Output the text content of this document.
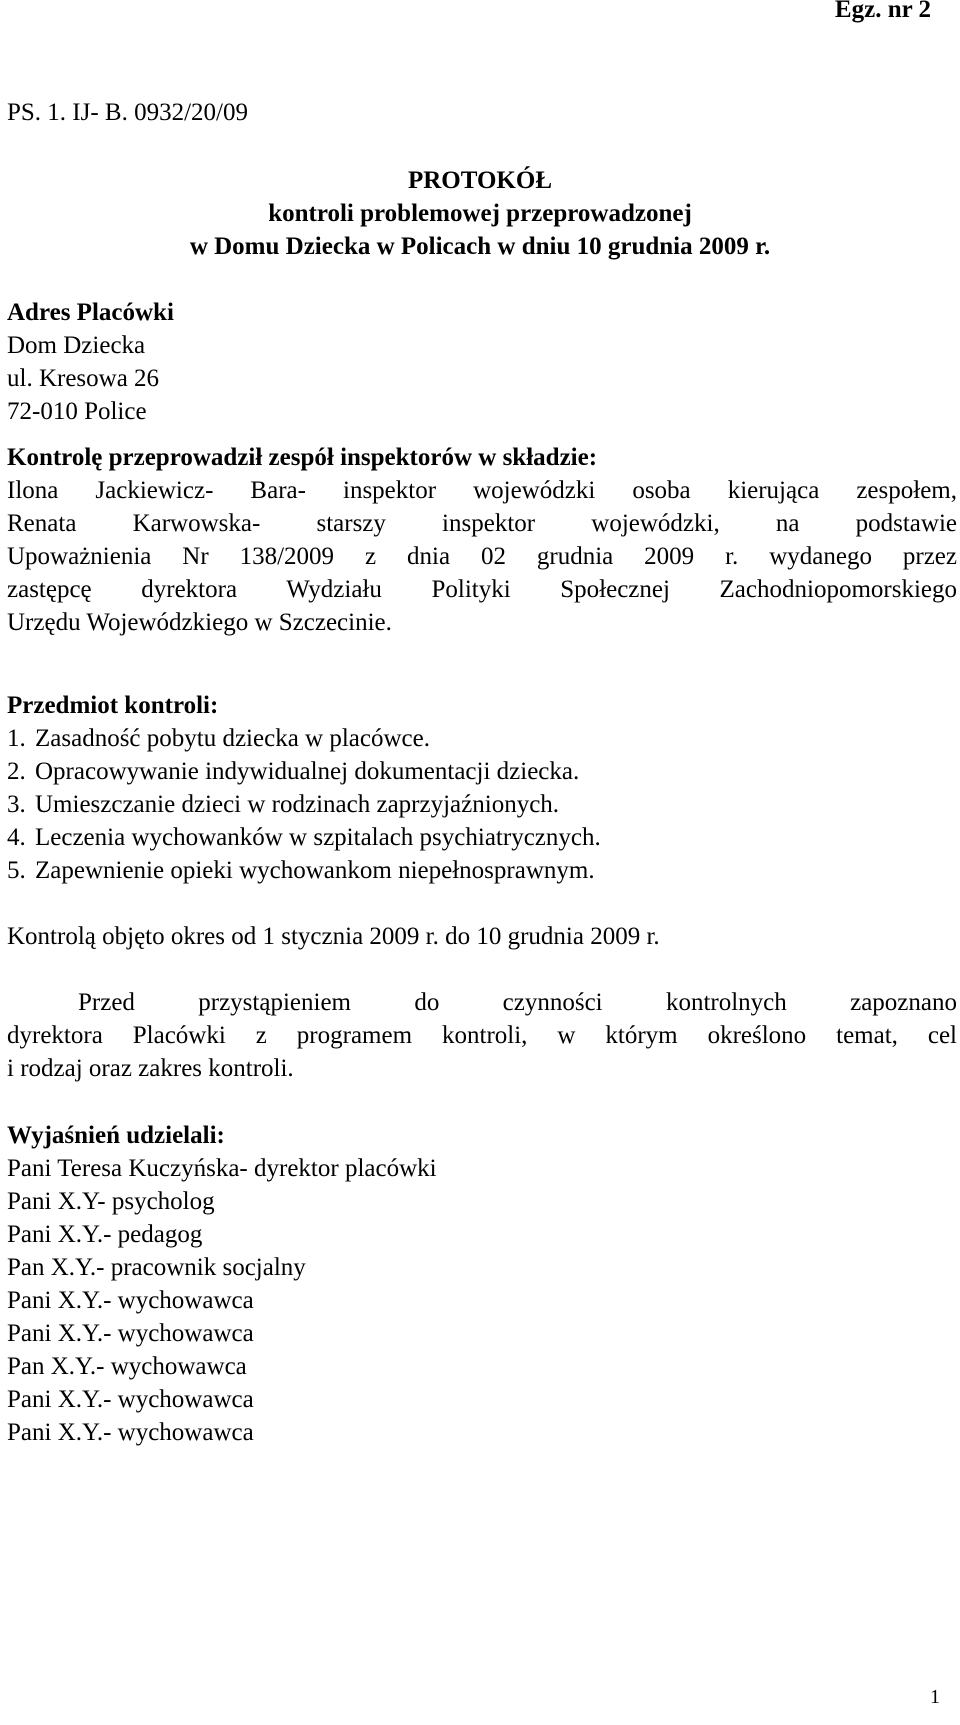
Egz. nr 2
PS. 1. IJ- B. 0932/20/09
PROTOKÓŁ
kontroli problemowej przeprowadzonej
w Domu Dziecka w Policach w dniu 10 grudnia 2009 r.
Adres Placówki
Dom Dziecka
ul. Kresowa 26
72-010 Police
Kontrolę przeprowadził zespół inspektorów w składzie:
Ilona Jackiewicz- Bara- inspektor wojewódzki osoba kierująca zespołem,
Renata Karwowska- starszy inspektor wojewódzki, na podstawie
Upoważnienia Nr 138/2009 z dnia 02 grudnia 2009 r. wydanego przez
zastępcę dyrektora Wydziału Polityki Społecznej Zachodniopomorskiego
Urzędu Wojewódzkiego w Szczecinie.
Przedmiot kontroli:
1. Zasadność pobytu dziecka w placówce.
2. Opracowywanie indywidualnej dokumentacji dziecka.
3. Umieszczanie dzieci w rodzinach zaprzyjaźnionych.
4. Leczenia wychowanków w szpitalach psychiatrycznych.
5. Zapewnienie opieki wychowankom niepełnosprawnym.
Kontrolą objęto okres od 1 stycznia 2009 r. do 10 grudnia 2009 r.
Przed przystąpieniem do czynności kontrolnych zapoznano
dyrektora Placówki z programem kontroli, w którym określono temat, cel
i rodzaj oraz zakres kontroli.
Wyjaśnień udzielali:
Pani Teresa Kuczyńska- dyrektor placówki
Pani X.Y- psycholog
Pani X.Y.- pedagog
Pan X.Y.- pracownik socjalny
Pani X.Y.- wychowawca
Pani X.Y.- wychowawca
Pan X.Y.- wychowawca
Pani X.Y.- wychowawca
Pani X.Y.- wychowawca
1
